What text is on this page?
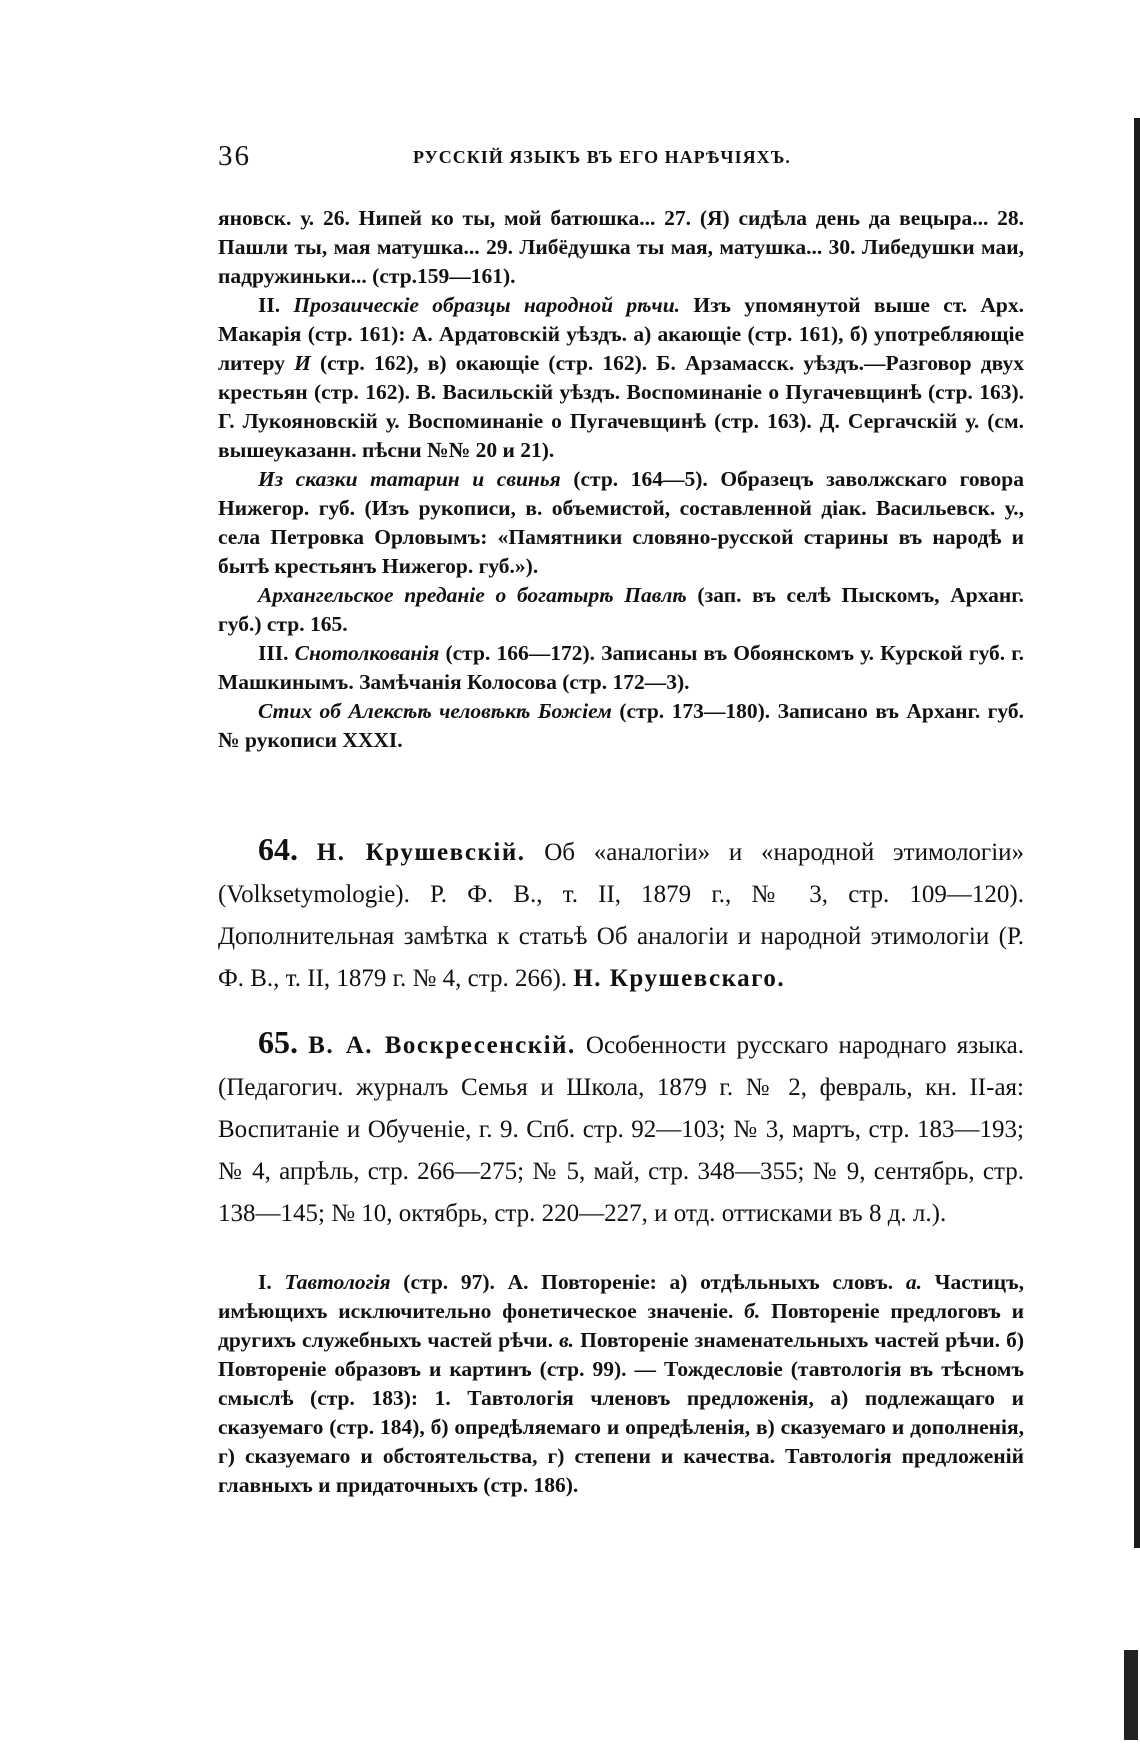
36	РУССКІЙ ЯЗЫКЪ ВЪ ЕГО НАРѢЧІЯХЪ.

яновск. у. 26. Нипей ко ты, мой батюшка... 27. (Я) сидѣла день да вецыра... 28. Пашли ты, мая матушка... 29. Либёдушка ты мая, матушка... 30. Либедушки маи, падружиньки... (стр.159—161).

II. Прозаическіе образцы народной рѣчи. Изъ упомянутой выше ст. Арх. Макарія (стр. 161): А. Ардатовскій уѣздъ. а) акающіе (стр. 161), б) употребляющіе литеру И (стр. 162), в) окающіе (стр. 162). Б. Арзамасск. уѣздъ.—Разговор двух крестьян (стр. 162). В. Васильскій уѣздъ. Воспоминаніе о Пугачевщинѣ (стр. 163). Г. Лукояновскій у. Воспоминаніе о Пугачевщинѣ (стр. 163). Д. Сергачскій у. (см. вышеуказанн. пѣсни №№ 20 и 21).

Из сказки татарин и свинья (стр. 164—5). Образецъ заволжскаго говора Нижегор. губ. (Изъ рукописи, в. объемистой, составленной діак. Васильевск. у., села Петровка Орловымъ: «Памятники словяно-русской старины въ народѣ и бытѣ крестьянъ Нижегор. губ.»).

Архангельское преданіе о богатырѣ Павлѣ (зап. въ селѣ Пыскомъ, Арханг. губ.) стр. 165.

III. Снотолкованія (стр. 166—172). Записаны въ Обоянскомъ у. Курской губ. г. Машкинымъ. Замѣчанія Колосова (стр. 172—3).

Стих об Алексѣѣ человѣкѣ Божіем (стр. 173—180). Записано въ Арханг. губ. № рукописи XXXI.

64. Н. Крушевскій. Об «аналогіи» и «народной этимологіи» (Volksetymologie). Р. Ф. В., т. II, 1879 г., № 3, стр. 109—120). Дополнительная замѣтка к статьѣ Об аналогіи и народной этимологіи (Р. Ф. В., т. II, 1879 г. № 4, стр. 266). Н. Крушевскаго.
65. В. А. Воскресенскій. Особенности русскаго народнаго языка. (Педагогич. журналъ Семья и Школа, 1879 г. № 2, февраль, кн. II-ая: Воспитаніе и Обученіе, г. 9. Спб. стр. 92—103; № 3, мартъ, стр. 183—193; № 4, апрѣль, стр. 266—275; № 5, май, стр. 348—355; № 9, сентябрь, стр. 138—145; № 10, октябрь, стр. 220—227, и отд. оттисками въ 8 д. л.).
I. Тавтологія (стр. 97). А. Повтореніе: а) отдѣльныхъ словъ. а. Частицъ, имѣющихъ исключительно фонетическое значеніе. б. Повтореніе предлоговъ и другихъ служебныхъ частей рѣчи. в. Повтореніе знаменательныхъ частей рѣчи. б) Повтореніе образовъ и картинъ (стр. 99). — Тождесловіе (тавтологія въ тѣсномъ смыслѣ (стр. 183): 1. Тавтологія членовъ предложенія, а) подлежащаго и сказуемаго (стр. 184), б) опредѣляемаго и опредѣленія, в) сказуемаго и дополненія, г) сказуемаго и обстоятельства, г) степени и качества. Тавтологія предложеній главныхъ и придаточныхъ (стр. 186).
